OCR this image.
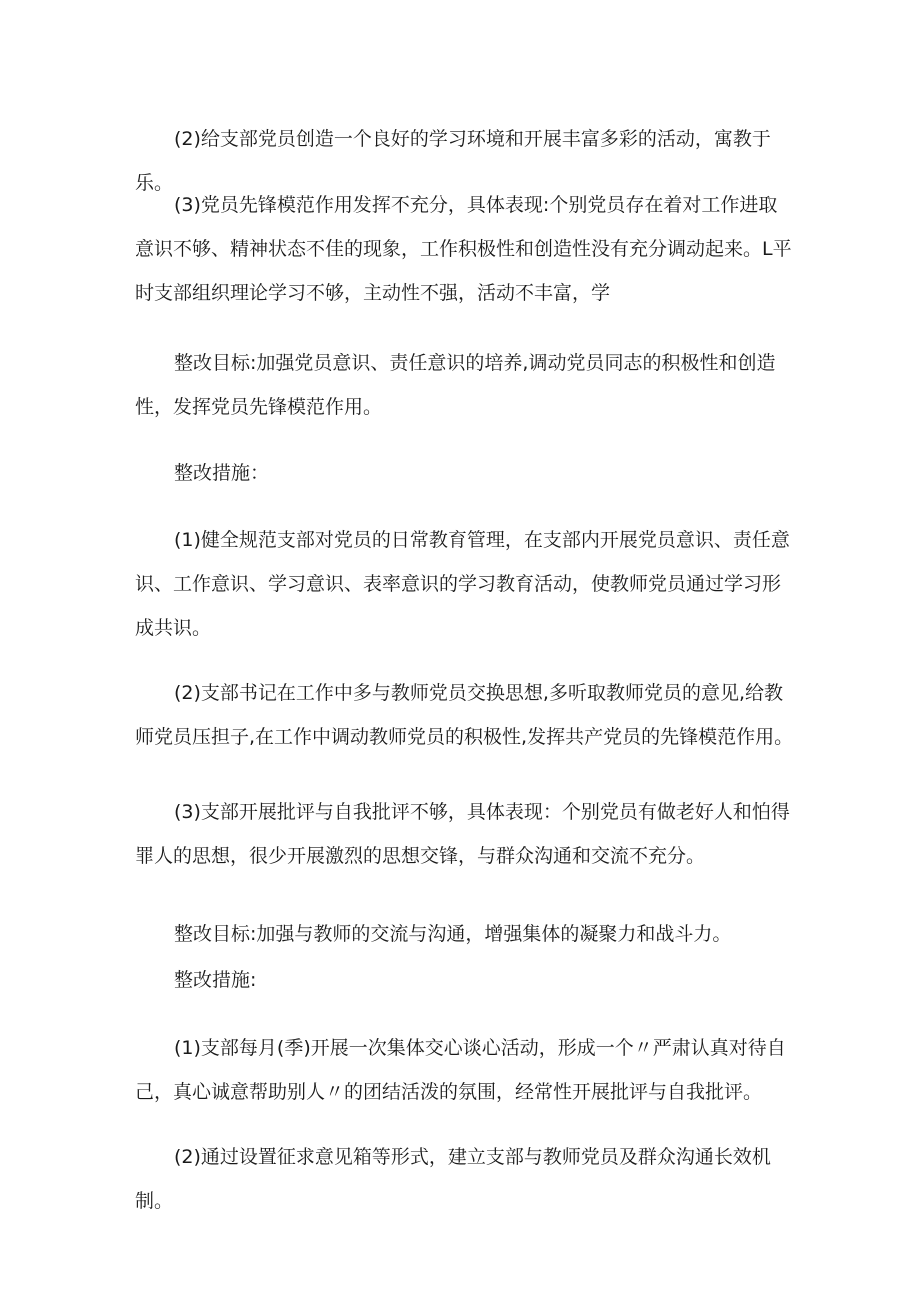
(2)给支部党员创造一个良好的学习环境和开展丰富多彩的活动，寓教于乐。

(3)党员先锋模范作用发挥不充分，具体表现:个别党员存在着对工作进取意识不够、精神状态不佳的现象，工作积极性和创造性没有充分调动起来。L平时支部组织理论学习不够，主动性不强，活动不丰富，学

整改目标:加强党员意识、责任意识的培养,调动党员同志的积极性和创造性，发挥党员先锋模范作用。

整改措施：

(1)健全规范支部对党员的日常教育管理，在支部内开展党员意识、责任意识、工作意识、学习意识、表率意识的学习教育活动，使教师党员通过学习形成共识。

(2)支部书记在工作中多与教师党员交换思想,多听取教师党员的意见,给教师党员压担子,在工作中调动教师党员的积极性,发挥共产党员的先锋模范作用。

(3)支部开展批评与自我批评不够，具体表现：个别党员有做老好人和怕得罪人的思想，很少开展激烈的思想交锋，与群众沟通和交流不充分。

整改目标:加强与教师的交流与沟通，增强集体的凝聚力和战斗力。

整改措施:

(1)支部每月(季)开展一次集体交心谈心活动，形成一个〃严肃认真对待自己，真心诚意帮助别人〃的团结活泼的氛围，经常性开展批评与自我批评。

(2)通过设置征求意见箱等形式，建立支部与教师党员及群众沟通长效机制。
